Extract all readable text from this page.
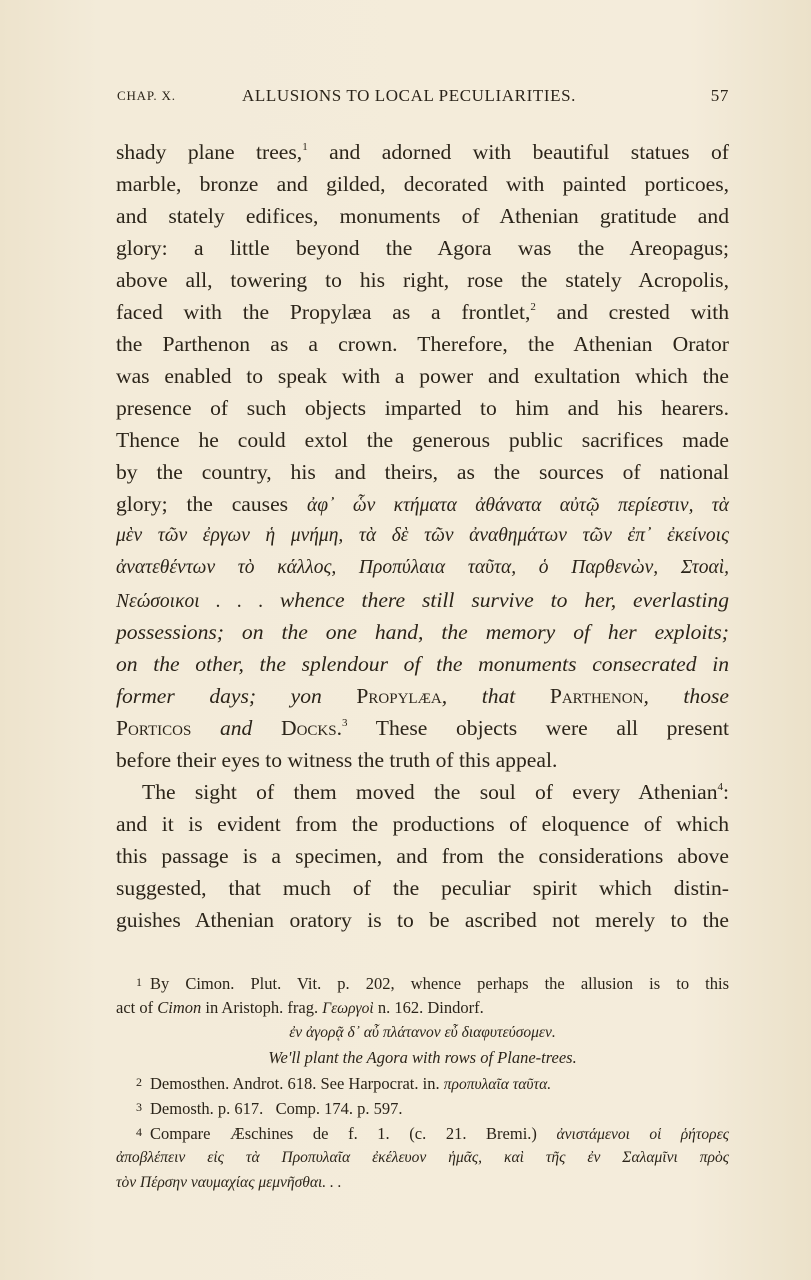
CHAP. X.	ALLUSIONS TO LOCAL PECULIARITIES.	57
shady plane trees,$^1$ and adorned with beautiful statues of
marble, bronze and gilded, decorated with painted porticoes,
and stately edifices, monuments of Athenian gratitude and
glory: a little beyond the Agora was the Areopagus;
above all, towering to his right, rose the stately Acropolis,
faced with the Propylæa as a frontlet,$^2$ and crested with
the Parthenon as a crown. Therefore, the Athenian Orator
was enabled to speak with a power and exultation which the
presence of such objects imparted to him and his hearers.
Thence he could extol the generous public sacrifices made
by the country, his and theirs, as the sources of national
glory; the causes ἀφ᾽ ὧν κτήματα ἀθάνατα αὐτῷ περίεστιν, τὰ
μὲν τῶν ἐργων ἡ μνήμη, τὰ δὲ τῶν ἀναθημάτων τῶν ἐπ᾽ ἐκείνοις
ἀνατεθέντων τὸ κάλλος, Προπύλαια ταῦτα, ὁ Παρθενὼν, Στοαὶ,
Νεώσοικοι . . . whence there still survive to her, everlasting
possessions; on the one hand, the memory of her exploits;
on the other, the splendour of the monuments consecrated in
former days; yon Propylæa, that Parthenon, those
Porticos and Docks.$^3$ These objects were all present
before their eyes to witness the truth of this appeal.
The sight of them moved the soul of every Athenian$^4$:
and it is evident from the productions of eloquence of which
this passage is a specimen, and from the considerations above
suggested, that much of the peculiar spirit which distin-
guishes Athenian oratory is to be ascribed not merely to the
1 By Cimon. Plut. Vit. p. 202, whence perhaps the allusion is to this
act of Cimon in Aristoph. frag. Γεωργοὶ n. 162. Dindorf.
ἐν ἀγορᾷ δ᾽ αὖ πλάτανον εὖ διαφυτεύσομεν.
We'll plant the Agora with rows of Plane-trees.
2 Demosthen. Androt. 618. See Harpocrat. in. προπυλαῖα ταῦτα.
3 Demosth. p. 617.   Comp. 174. p. 597.
4 Compare Æschines de f. 1. (c. 21. Bremi.) ἀνιστάμενοι οἱ ῥήτορες
ἀποβλέπειν εἰς τὰ Προπυλαῖα ἐκέλευον ἡμᾶς, καὶ τῆς ἐν Σαλαμῖνι πρὸς
τὸν Πέρσην ναυμαχίας μεμνῆσθαι. . .
